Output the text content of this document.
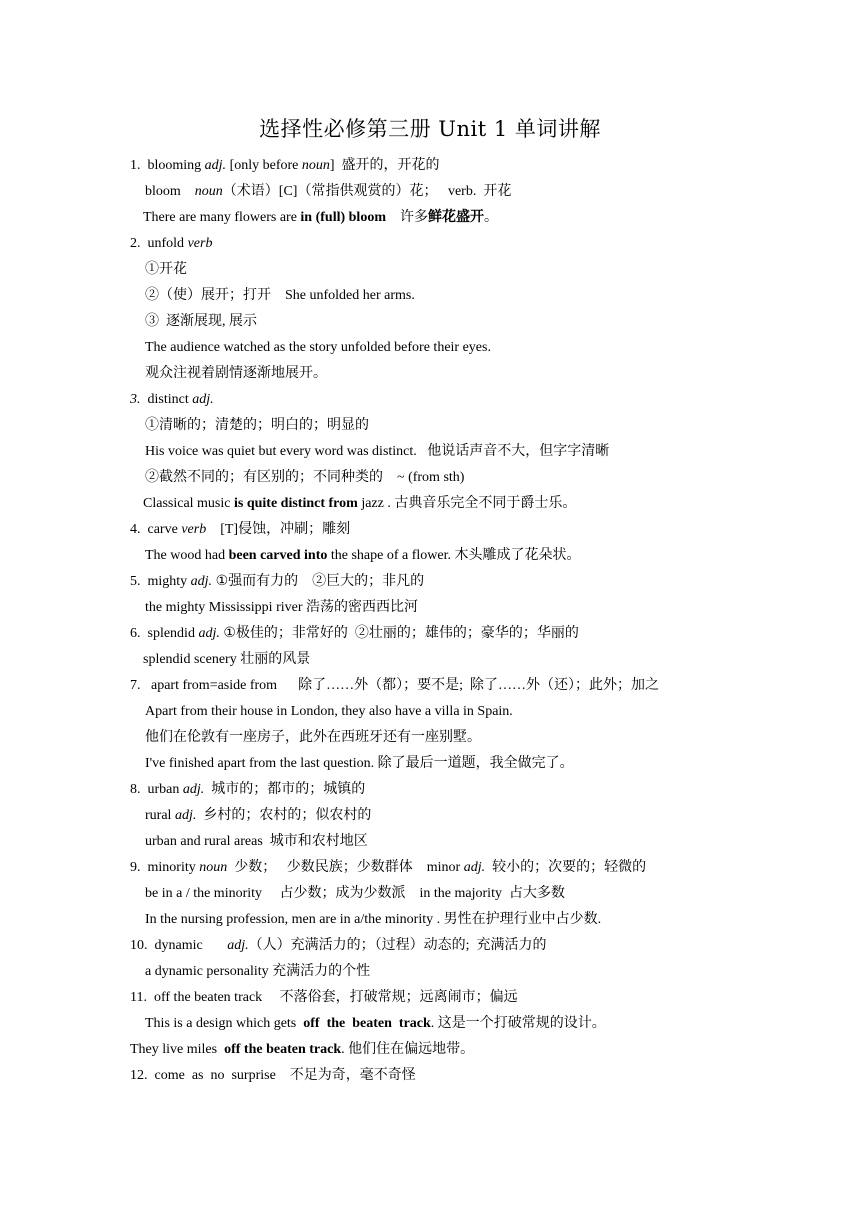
选择性必修第三册 Unit 1 单词讲解
1.  blooming adj. [only before noun]  盛开的，开花的
bloom    noun（术语）[C]（常指供观赏的）花；   verb.  开花
There are many flowers are in (full) bloom    许多鲜花盛开。
2.  unfold verb
①开花
②（使）展开；打开    She unfolded her arms.
③  逐渐展现, 展示
The audience watched as the story unfolded before their eyes.
观众注视着剧情逐渐地展开。
3.  distinct adj.
①清晰的；清楚的；明白的；明显的
His voice was quiet but every word was distinct.   他说话声音不大，但字字清晰
②截然不同的；有区别的；不同种类的    ~ (from sth)
Classical music is quite distinct from jazz . 古典音乐完全不同于爵士乐。
4.  carve verb    [T]侵蚀，冲刷；雕刻
The wood had been carved into the shape of a flower. 木头雕成了花朵状。
5.  mighty adj. ①强而有力的    ②巨大的；非凡的
the mighty Mississippi river 浩荡的密西西比河
6.  splendid adj. ①极佳的；非常好的  ②壮丽的；雄伟的；豪华的；华丽的
splendid scenery 壮丽的风景
7.   apart from=aside from      除了……外（都）；要不是;  除了……外（还）；此外；加之
Apart from their house in London, they also have a villa in Spain.
他们在伦敦有一座房子，此外在西班牙还有一座别墅。
I've finished apart from the last question. 除了最后一道题，我全做完了。
8.  urban adj.  城市的；都市的；城镇的
rural adj.  乡村的；农村的；似农村的
urban and rural areas  城市和农村地区
9.  minority noun  少数；   少数民族；少数群体    minor adj.  较小的；次要的；轻微的
be in a / the minority     占少数；成为少数派    in the majority  占大多数
In the nursing profession, men are in a/the minority . 男性在护理行业中占少数.
10.  dynamic       adj.（人）充满活力的；（过程）动态的;  充满活力的
a dynamic personality 充满活力的个性
11.  off the beaten track     不落俗套，打破常规；远离闹市；偏远
This is a design which gets  off  the  beaten  track. 这是一个打破常规的设计。
They live miles  off the beaten track. 他们住在偏远地带。
12.  come  as  no  surprise    不足为奇，毫不奇怪
